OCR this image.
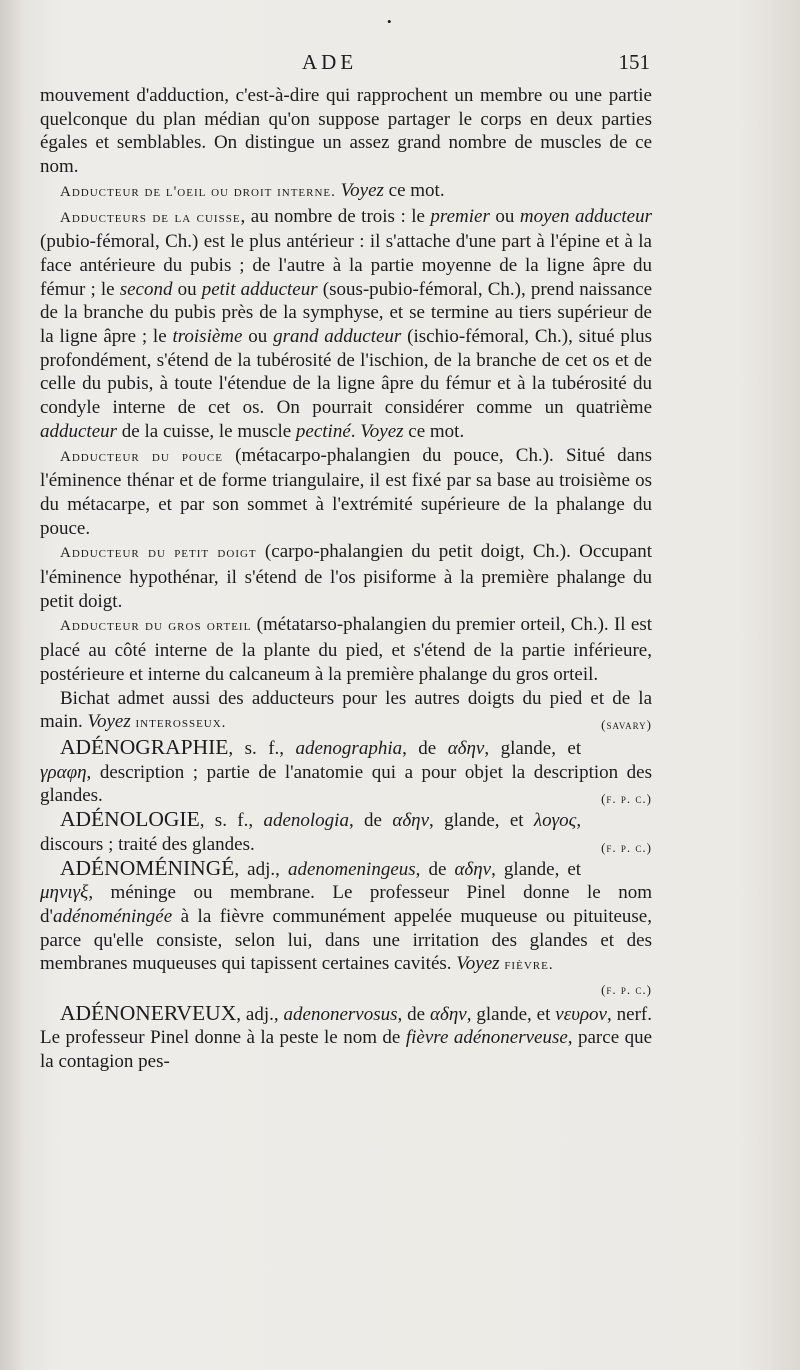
•
ADE	151

mouvement d'adduction, c'est-à-dire qui rapprochent un membre ou une partie quelconque du plan médian qu'on suppose partager le corps en deux parties égales et semblables. On distingue un assez grand nombre de muscles de ce nom.

Adducteur de l'oeil ou droit interne. Voyez ce mot.

Adducteurs de la cuisse, au nombre de trois : le premier ou moyen adducteur (pubio-fémoral, Ch.) est le plus antérieur : il s'attache d'une part à l'épine et à la face antérieure du pubis ; de l'autre à la partie moyenne de la ligne âpre du fémur ; le second ou petit adducteur (sous-pubio-fémoral, Ch.), prend naissance de la branche du pubis près de la symphyse, et se termine au tiers supérieur de la ligne âpre ; le troisième ou grand adducteur (ischio-fémoral, Ch.), situé plus profondément, s'étend de la tubérosité de l'ischion, de la branche de cet os et de celle du pubis, à toute l'étendue de la ligne âpre du fémur et à la tubérosité du condyle interne de cet os. On pourrait considérer comme un quatrième adducteur de la cuisse, le muscle pectiné. Voyez ce mot.

Adducteur du pouce (métacarpo-phalangien du pouce, Ch.). Situé dans l'éminence thénar et de forme triangulaire, il est fixé par sa base au troisième os du métacarpe, et par son sommet à l'extrémité supérieure de la phalange du pouce.

Adducteur du petit doigt (carpo-phalangien du petit doigt, Ch.). Occupant l'éminence hypothénar, il s'étend de l'os pisiforme à la première phalange du petit doigt.

Adducteur du gros orteil (métatarso-phalangien du premier orteil, Ch.). Il est placé au côté interne de la plante du pied, et s'étend de la partie inférieure, postérieure et interne du calcaneum à la première phalange du gros orteil.

Bichat admet aussi des adducteurs pour les autres doigts du pied et de la main. Voyez interosseux.	(savary)

ADÉNOGRAPHIE, s. f., adenographia, de αδην, glande, et γραφη, description ; partie de l'anatomie qui a pour objet la description des glandes.	(f. p. c.)

ADÉNOLOGIE, s. f., adenologia, de αδην, glande, et λογος, discours ; traité des glandes.	(f. p. c.)

ADÉNOMÉNINGÉ, adj., adenomeningeus, de αδην, glande, et μηνιγξ, méninge ou membrane. Le professeur Pinel donne le nom d'adénoméningée à la fièvre communément appelée muqueuse ou pituiteuse, parce qu'elle consiste, selon lui, dans une irritation des glandes et des membranes muqueuses qui tapissent certaines cavités. Voyez fièvre.

(f. p. c.)

ADÉNONERVEUX, adj., adenonervosus, de αδην, glande, et νευρον, nerf. Le professeur Pinel donne à la peste le nom de fièvre adénonerveuse, parce que la contagion pes-
